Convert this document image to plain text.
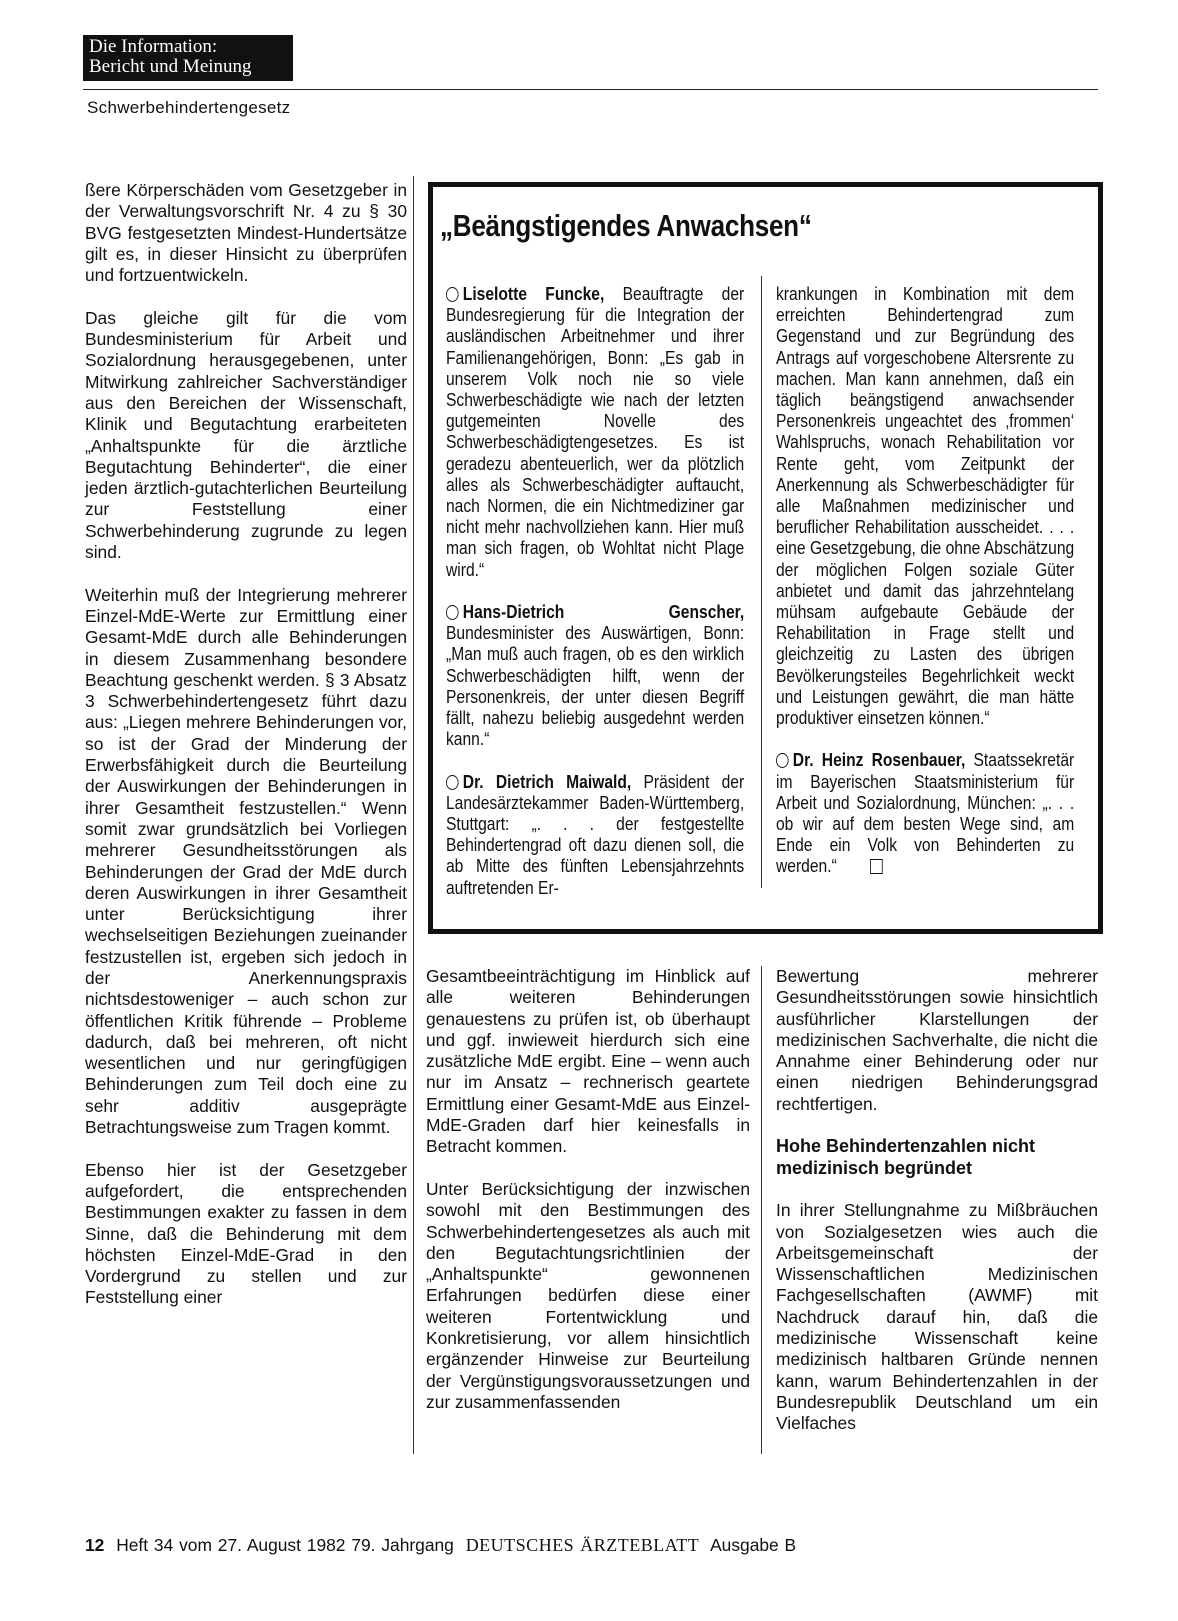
Die Information:
Bericht und Meinung
Schwerbehindertengesetz

ßere Körperschäden vom Gesetzgeber in der Verwaltungsvorschrift Nr. 4 zu § 30 BVG festgesetzten Mindest-Hundertsätze gilt es, in dieser Hinsicht zu überprüfen und fortzuentwickeln.

Das gleiche gilt für die vom Bundesministerium für Arbeit und Sozialordnung herausgegebenen, unter Mitwirkung zahlreicher Sachverständiger aus den Bereichen der Wissenschaft, Klinik und Begutachtung erarbeiteten „Anhaltspunkte für die ärztliche Begutachtung Behinderter“, die einer jeden ärztlich-gutachterlichen Beurteilung zur Feststellung einer Schwerbehinderung zugrunde zu legen sind.

Weiterhin muß der Integrierung mehrerer Einzel-MdE-Werte zur Ermittlung einer Gesamt-MdE durch alle Behinderungen in diesem Zusammenhang besondere Beachtung geschenkt werden. § 3 Absatz 3 Schwerbehindertengesetz führt dazu aus: „Liegen mehrere Behinderungen vor, so ist der Grad der Minderung der Erwerbsfähigkeit durch die Beurteilung der Auswirkungen der Behinderungen in ihrer Gesamtheit festzustellen.“ Wenn somit zwar grundsätzlich bei Vorliegen mehrerer Gesundheitsstörungen als Behinderungen der Grad der MdE durch deren Auswirkungen in ihrer Gesamtheit unter Berücksichtigung ihrer wechselseitigen Beziehungen zueinander festzustellen ist, ergeben sich jedoch in der Anerkennungspraxis nichtsdestoweniger – auch schon zur öffentlichen Kritik führende – Probleme dadurch, daß bei mehreren, oft nicht wesentlichen und nur geringfügigen Behinderungen zum Teil doch eine zu sehr additiv ausgeprägte Betrachtungsweise zum Tragen kommt.

Ebenso hier ist der Gesetzgeber aufgefordert, die entsprechenden Bestimmungen exakter zu fassen in dem Sinne, daß die Behinderung mit dem höchsten Einzel-MdE-Grad in den Vordergrund zu stellen und zur Feststellung einer

„Beängstigendes Anwachsen“

Liselotte Funcke, Beauftragte der Bundesregierung für die Integration der ausländischen Arbeitnehmer und ihrer Familienangehörigen, Bonn: „Es gab in unserem Volk noch nie so viele Schwerbeschädigte wie nach der letzten gutgemeinten Novelle des Schwerbeschädigtengesetzes. Es ist geradezu abenteuerlich, wer da plötzlich alles als Schwerbeschädigter auftaucht, nach Normen, die ein Nichtmediziner gar nicht mehr nachvollziehen kann. Hier muß man sich fragen, ob Wohltat nicht Plage wird.“

Hans-Dietrich Genscher, Bundesminister des Auswärtigen, Bonn: „Man muß auch fragen, ob es den wirklich Schwerbeschädigten hilft, wenn der Personenkreis, der unter diesen Begriff fällt, nahezu beliebig ausgedehnt werden kann.“

Dr. Dietrich Maiwald, Präsident der Landesärztekammer Baden-Württemberg, Stuttgart: „. . . der festgestellte Behindertengrad oft dazu dienen soll, die ab Mitte des fünften Lebensjahrzehnts auftretenden Er-

krankungen in Kombination mit dem erreichten Behindertengrad zum Gegenstand und zur Begründung des Antrags auf vorgeschobene Altersrente zu machen. Man kann annehmen, daß ein täglich beängstigend anwachsender Personenkreis ungeachtet des ‚frommen‘ Wahlspruchs, wonach Rehabilitation vor Rente geht, vom Zeitpunkt der Anerkennung als Schwerbeschädigter für alle Maßnahmen medizinischer und beruflicher Rehabilitation ausscheidet. . . . eine Gesetzgebung, die ohne Abschätzung der möglichen Folgen soziale Güter anbietet und damit das jahrzehntelang mühsam aufgebaute Gebäude der Rehabilitation in Frage stellt und gleichzeitig zu Lasten des übrigen Bevölkerungsteiles Begehrlichkeit weckt und Leistungen gewährt, die man hätte produktiver einsetzen können.“

Dr. Heinz Rosenbauer, Staatssekretär im Bayerischen Staatsministerium für Arbeit und Sozialordnung, München: „. . . ob wir auf dem besten Wege sind, am Ende ein Volk von Behinderten zu werden.“

Gesamtbeeinträchtigung im Hinblick auf alle weiteren Behinderungen genauestens zu prüfen ist, ob überhaupt und ggf. inwieweit hierdurch sich eine zusätzliche MdE ergibt. Eine – wenn auch nur im Ansatz – rechnerisch geartete Ermittlung einer Gesamt-MdE aus Einzel-MdE-Graden darf hier keinesfalls in Betracht kommen.

Unter Berücksichtigung der inzwischen sowohl mit den Bestimmungen des Schwerbehindertengesetzes als auch mit den Begutachtungsrichtlinien der „Anhaltspunkte“ gewonnenen Erfahrungen bedürfen diese einer weiteren Fortentwicklung und Konkretisierung, vor allem hinsichtlich ergänzender Hinweise zur Beurteilung der Vergünstigungsvoraussetzungen und zur zusammenfassenden

Bewertung mehrerer Gesundheitsstörungen sowie hinsichtlich ausführlicher Klarstellungen der medizinischen Sachverhalte, die nicht die Annahme einer Behinderung oder nur einen niedrigen Behinderungsgrad rechtfertigen.

Hohe Behindertenzahlen nicht medizinisch begründet

In ihrer Stellungnahme zu Mißbräuchen von Sozialgesetzen wies auch die Arbeitsgemeinschaft der Wissenschaftlichen Medizinischen Fachgesellschaften (AWMF) mit Nachdruck darauf hin, daß die medizinische Wissenschaft keine medizinisch haltbaren Gründe nennen kann, warum Behindertenzahlen in der Bundesrepublik Deutschland um ein Vielfaches

12 Heft 34 vom 27. August 1982 79. Jahrgang DEUTSCHES ÄRZTEBLATT Ausgabe B
